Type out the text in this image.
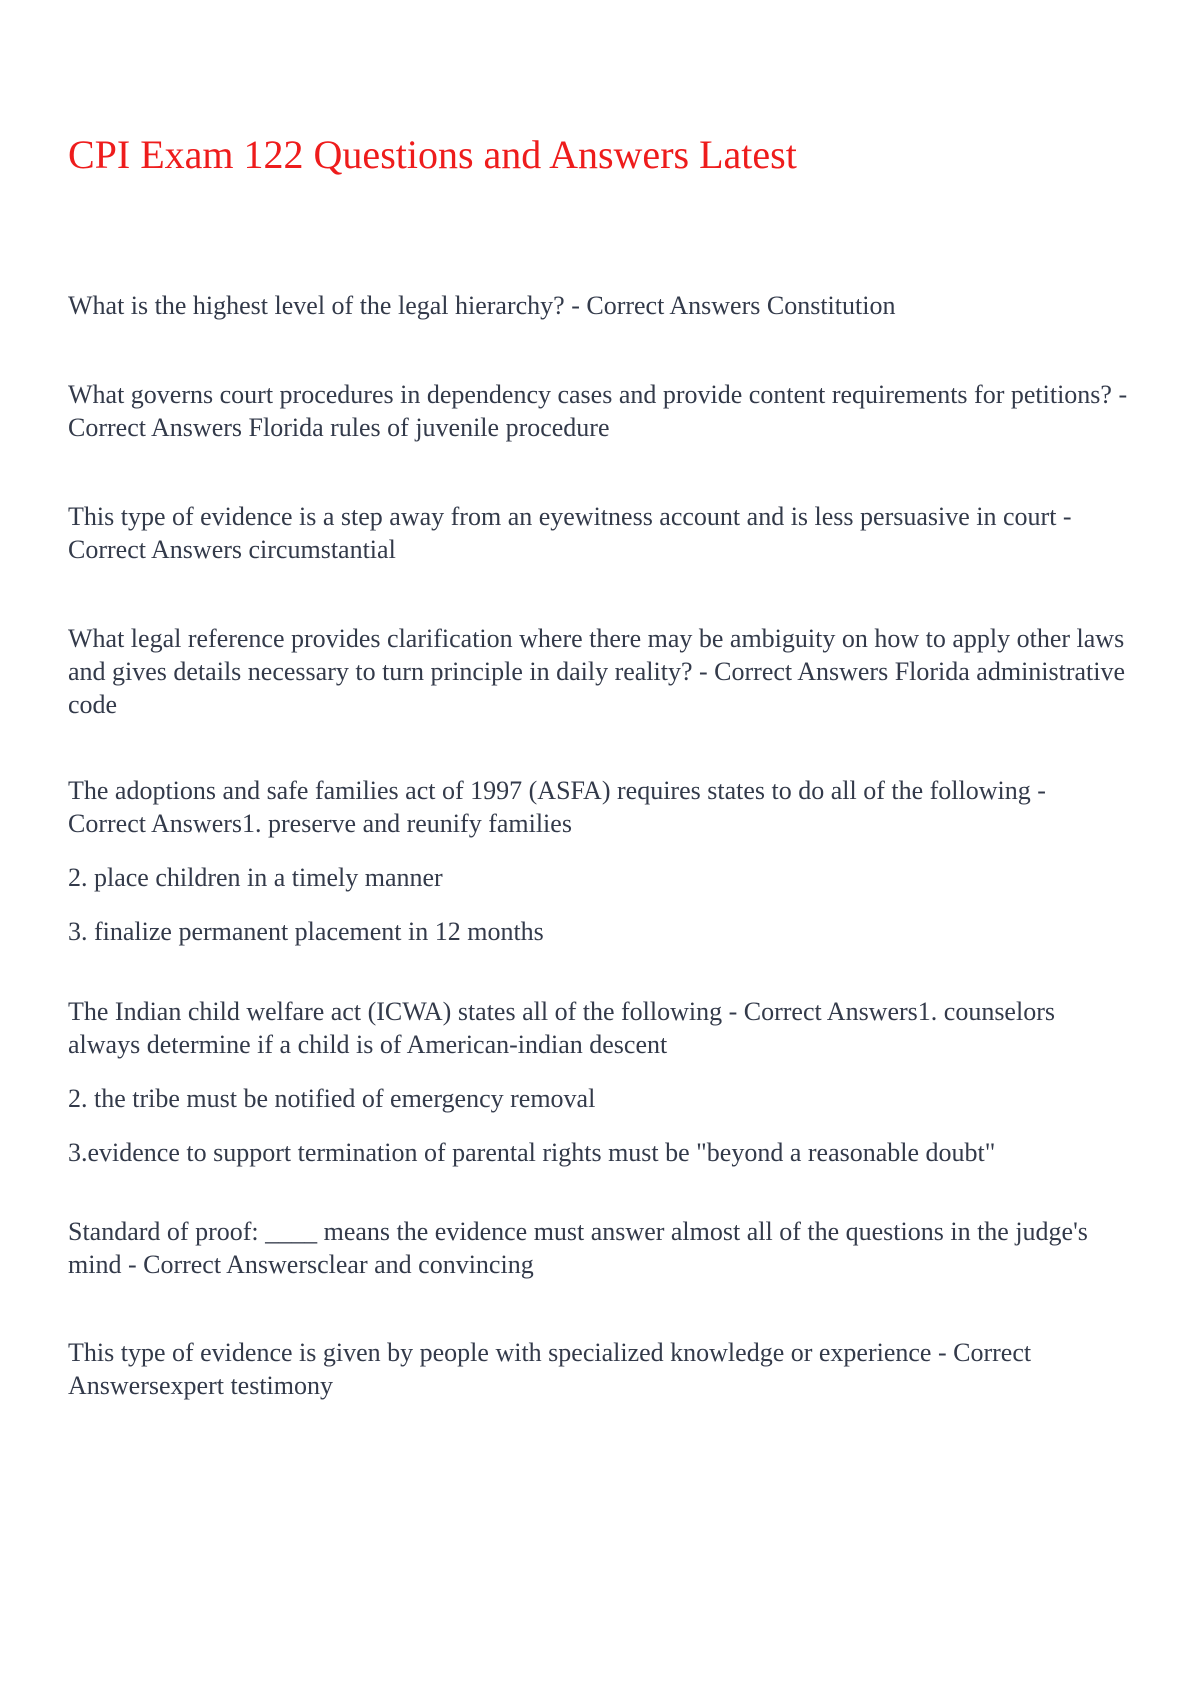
CPI Exam 122 Questions and Answers Latest

What is the highest level of the legal hierarchy? - Correct Answers Constitution

What governs court procedures in dependency cases and provide content requirements for petitions? - Correct Answers Florida rules of juvenile procedure

This type of evidence is a step away from an eyewitness account and is less persuasive in court - Correct Answers circumstantial

What legal reference provides clarification where there may be ambiguity on how to apply other laws and gives details necessary to turn principle in daily reality? - Correct Answers Florida administrative code

The adoptions and safe families act of 1997 (ASFA) requires states to do all of the following - Correct Answers1. preserve and reunify families

2. place children in a timely manner

3. finalize permanent placement in 12 months

The Indian child welfare act (ICWA) states all of the following - Correct Answers1. counselors always determine if a child is of American-indian descent

2. the tribe must be notified of emergency removal

3.evidence to support termination of parental rights must be "beyond a reasonable doubt"

Standard of proof: ____ means the evidence must answer almost all of the questions in the judge's mind - Correct Answersclear and convincing

This type of evidence is given by people with specialized knowledge or experience - Correct Answersexpert testimony
